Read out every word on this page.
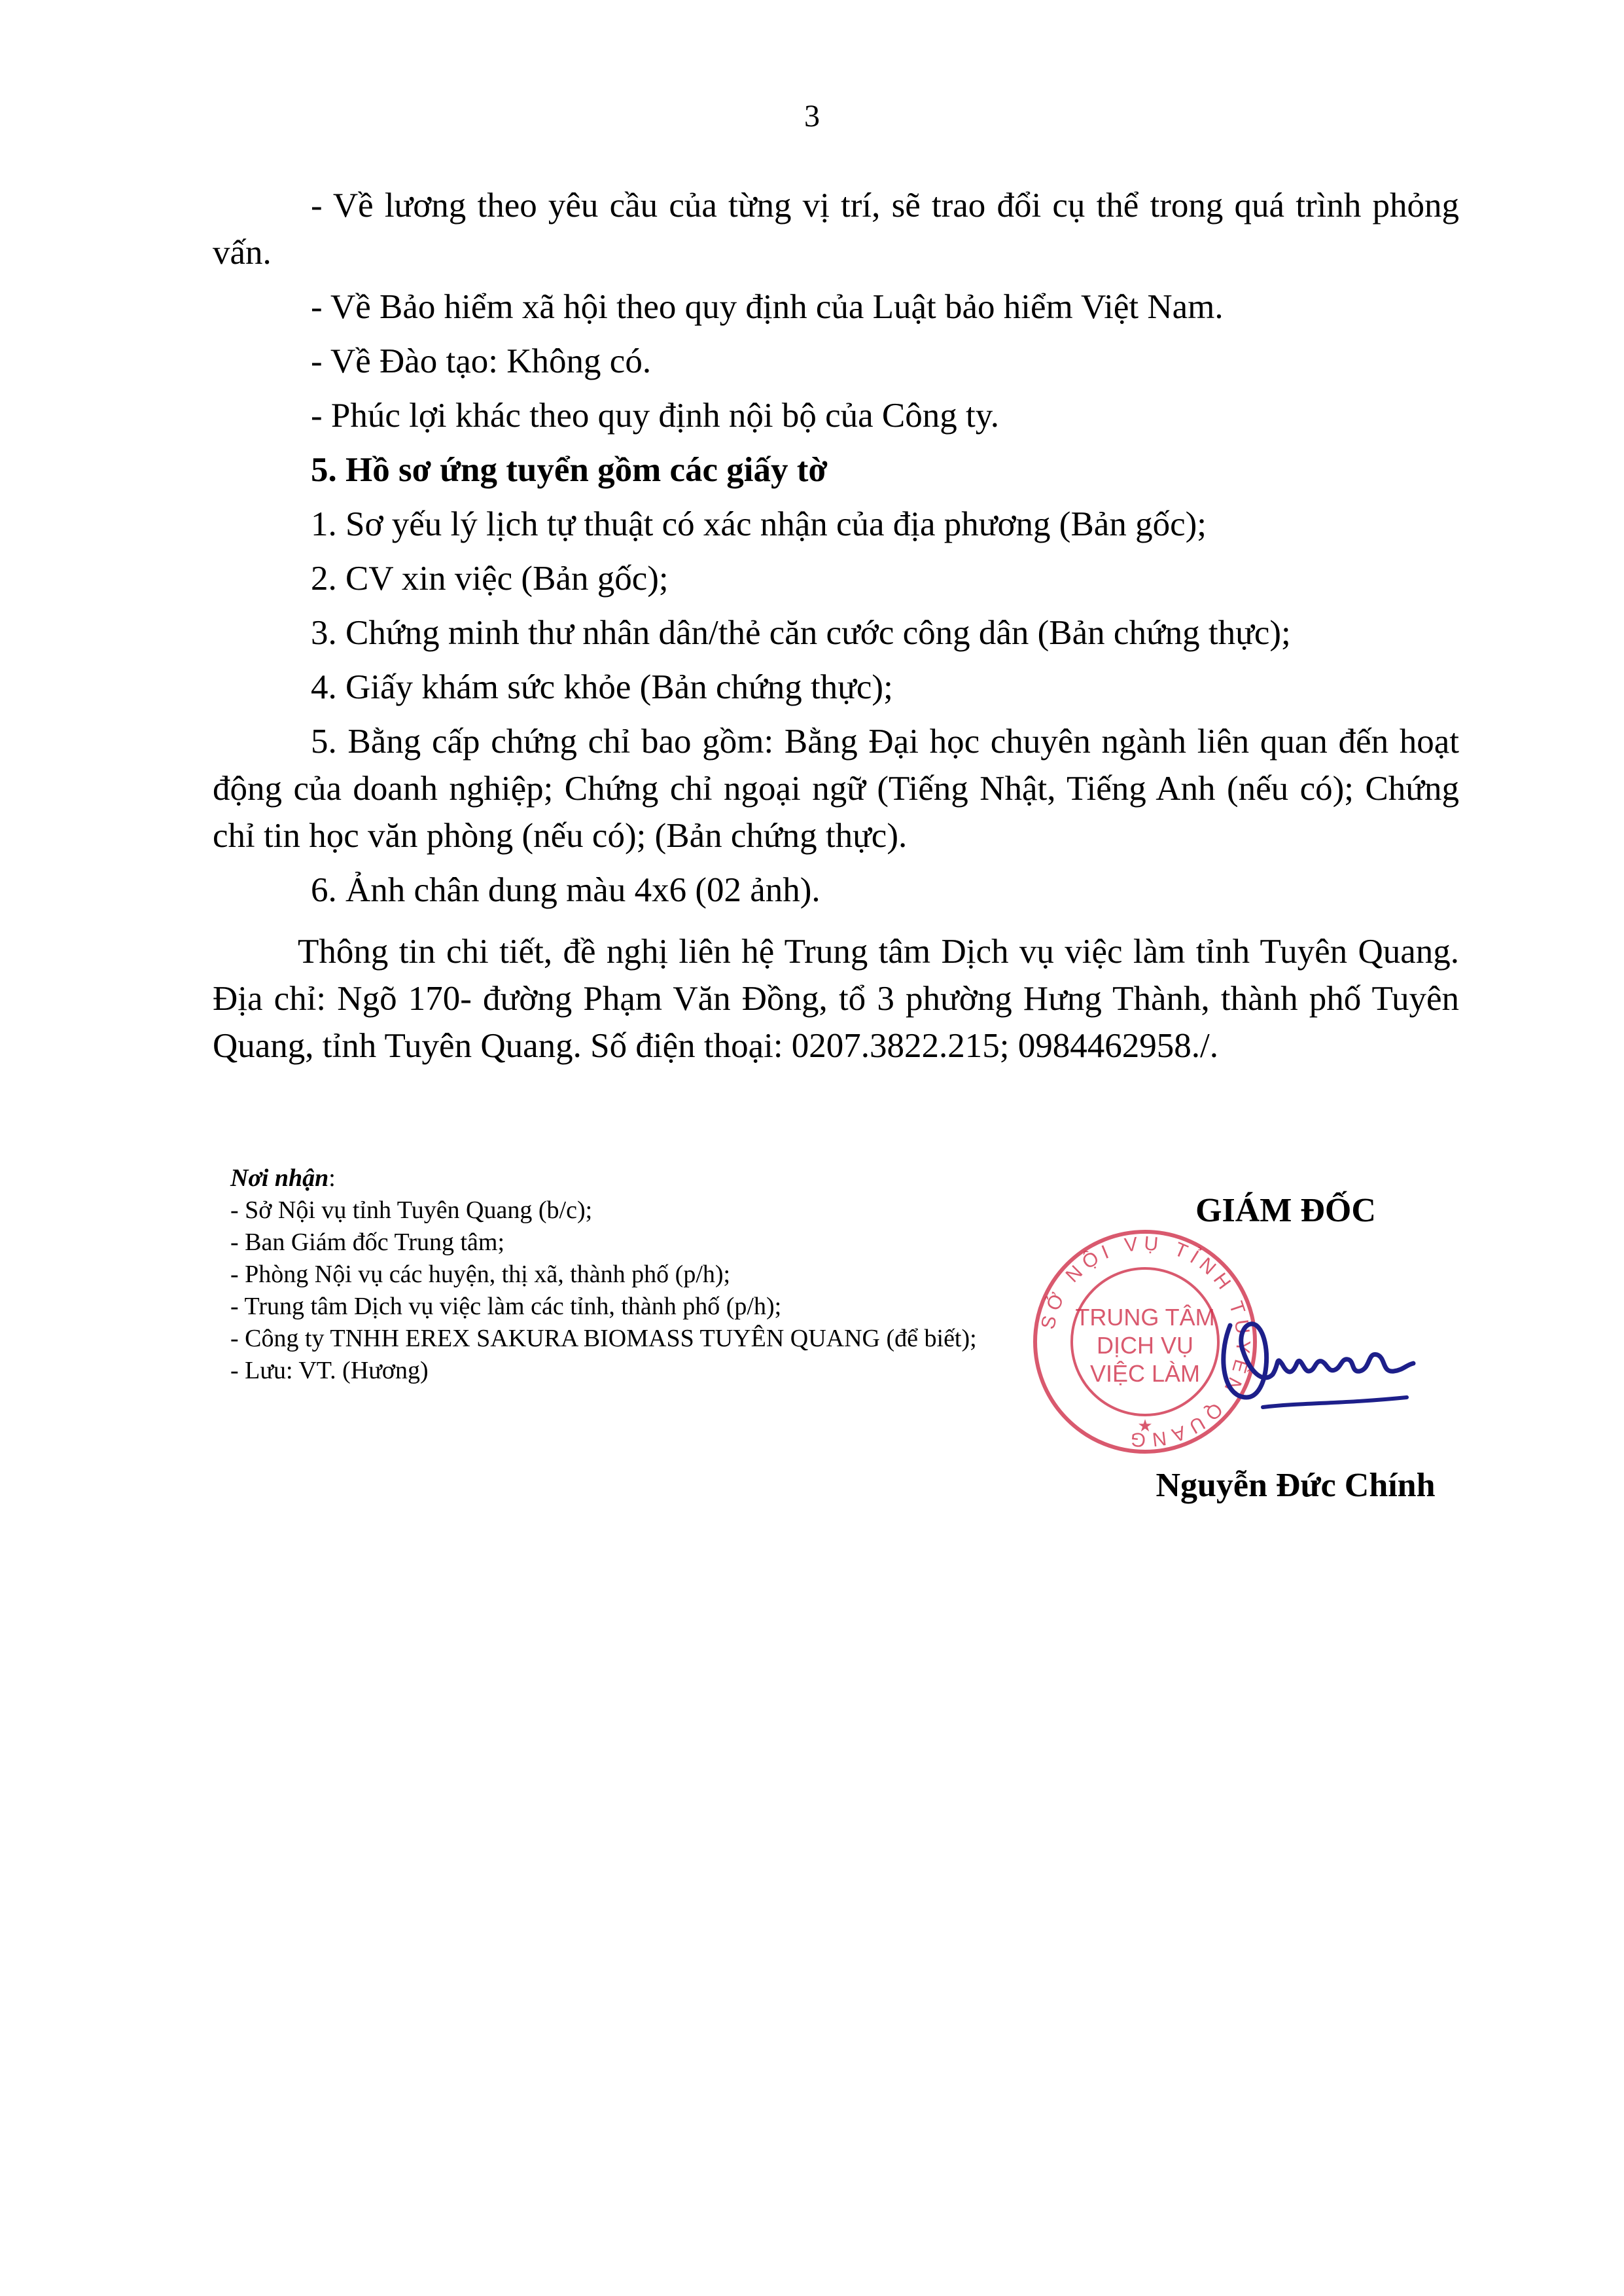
3

- Về lương theo yêu cầu của từng vị trí, sẽ trao đổi cụ thể trong quá trình phỏng vấn.

- Về Bảo hiểm xã hội theo quy định của Luật bảo hiểm Việt Nam.

- Về Đào tạo: Không có.

- Phúc lợi khác theo quy định nội bộ của Công ty.

5. Hồ sơ ứng tuyển gồm các giấy tờ

1. Sơ yếu lý lịch tự thuật có xác nhận của địa phương (Bản gốc);

2. CV xin việc (Bản gốc);

3. Chứng minh thư nhân dân/thẻ căn cước công dân (Bản chứng thực);

4. Giấy khám sức khỏe (Bản chứng thực);

5. Bằng cấp chứng chỉ bao gồm: Bằng Đại học chuyên ngành liên quan đến hoạt động của doanh nghiệp; Chứng chỉ ngoại ngữ (Tiếng Nhật, Tiếng Anh (nếu có); Chứng chỉ tin học văn phòng (nếu có); (Bản chứng thực).

6. Ảnh chân dung màu 4x6 (02 ảnh).

Thông tin chi tiết, đề nghị liên hệ Trung tâm Dịch vụ việc làm tỉnh Tuyên Quang. Địa chỉ: Ngõ 170- đường Phạm Văn Đồng, tổ 3 phường Hưng Thành, thành phố Tuyên Quang, tỉnh Tuyên Quang. Số điện thoại: 0207.3822.215; 0984462958./.

Nơi nhận:
- Sở Nội vụ tỉnh Tuyên Quang (b/c);
- Ban Giám đốc Trung tâm;
- Phòng Nội vụ các huyện, thị xã, thành phố (p/h);
- Trung tâm Dịch vụ việc làm các tỉnh, thành phố (p/h);
- Công ty TNHH EREX SAKURA BIOMASS TUYÊN QUANG (để biết);
- Lưu: VT. (Hương)
GIÁM ĐỐC
SỞ NỘI VỤ TỈNH TUYÊN QUANG
TRUNG TÂM
DỊCH VỤ
VIỆC LÀM
★
Nguyễn Đức Chính
